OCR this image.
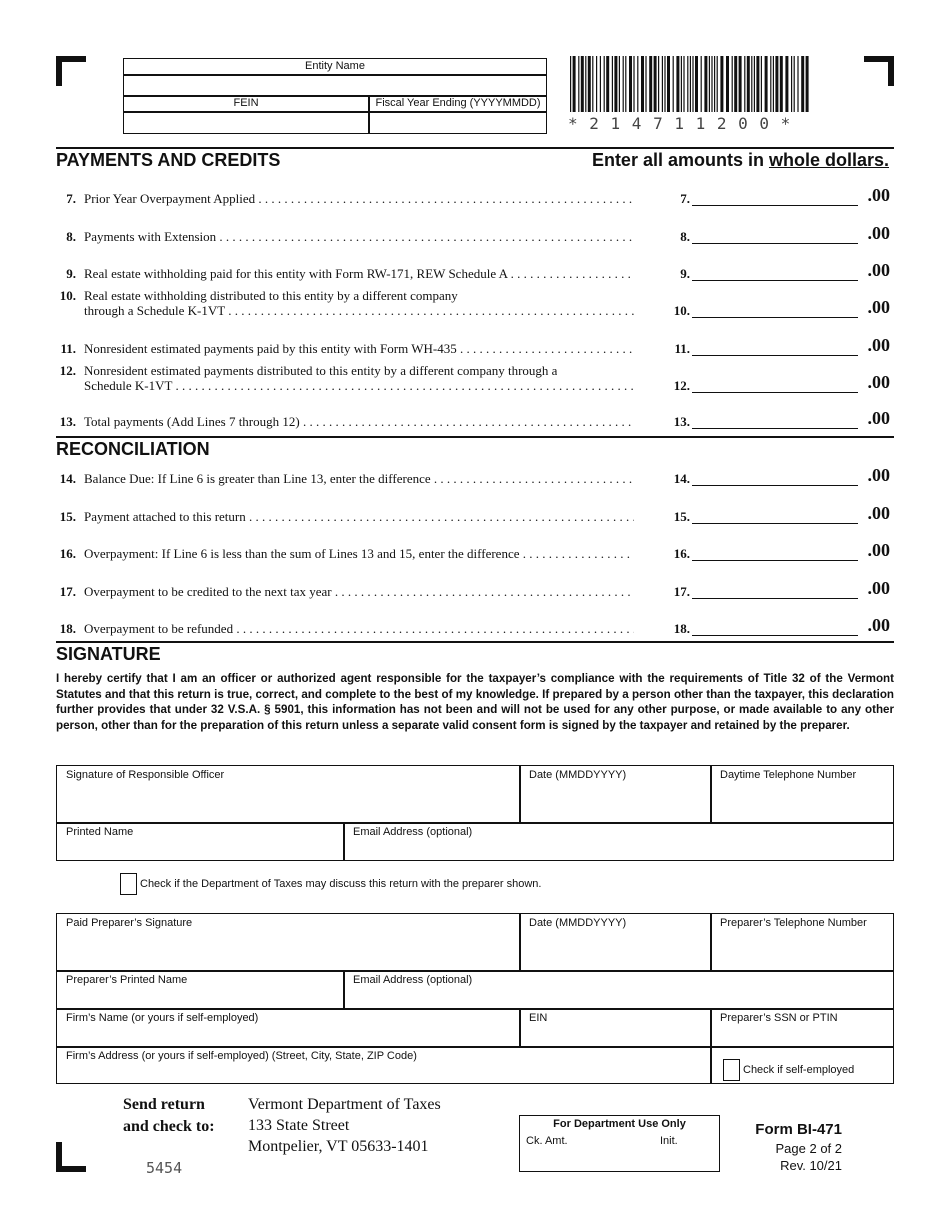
Entity Name
FEIN	Fiscal Year Ending (YYYYMMDD)
* 2 1 4 7 1 1 2 0 0 *
PAYMENTS AND CREDITS	Enter all amounts in whole dollars.
7. Prior Year Overpayment Applied . . .	7.	.00
8. Payments with Extension . . .	8.	.00
9. Real estate withholding paid for this entity with Form RW-171, REW Schedule A . . .	9.	.00
10. Real estate withholding distributed to this entity by a different company
through a Schedule K-1VT . . .	10.	.00
11. Nonresident estimated payments paid by this entity with Form WH-435 . . .	11.	.00
12. Nonresident estimated payments distributed to this entity by a different company through a
Schedule K-1VT . . .	12.	.00
13. Total payments (Add Lines 7 through 12) . . .	13.	.00
RECONCILIATION
14. Balance Due: If Line 6 is greater than Line 13, enter the difference . . .	14.	.00
15. Payment attached to this return . . .	15.	.00
16. Overpayment: If Line 6 is less than the sum of Lines 13 and 15, enter the difference . . .	16.	.00
17. Overpayment to be credited to the next tax year . . .	17.	.00
18. Overpayment to be refunded . . .	18.	.00
SIGNATURE
I hereby certify that I am an officer or authorized agent responsible for the taxpayer’s compliance with the requirements of Title 32 of the Vermont Statutes and that this return is true, correct, and complete to the best of my knowledge. If prepared by a person other than the taxpayer, this declaration further provides that under 32 V.S.A. § 5901, this information has not been and will not be used for any other purpose, or made available to any other person, other than for the preparation of this return unless a separate valid consent form is signed by the taxpayer and retained by the preparer.
Signature of Responsible Officer	Date (MMDDYYYY)	Daytime Telephone Number
Printed Name	Email Address (optional)
Check if the Department of Taxes may discuss this return with the preparer shown.
Paid Preparer’s Signature	Date (MMDDYYYY)	Preparer’s Telephone Number
Preparer’s Printed Name	Email Address (optional)
Firm’s Name (or yours if self-employed)	EIN	Preparer’s SSN or PTIN
Firm’s Address (or yours if self-employed) (Street, City, State, ZIP Code)
Check if self-employed
Send return
and check to:
Vermont Department of Taxes
133 State Street
Montpelier, VT 05633-1401
5454
For Department Use Only
Ck. Amt.	Init.
Form BI-471
Page 2 of 2
Rev. 10/21
